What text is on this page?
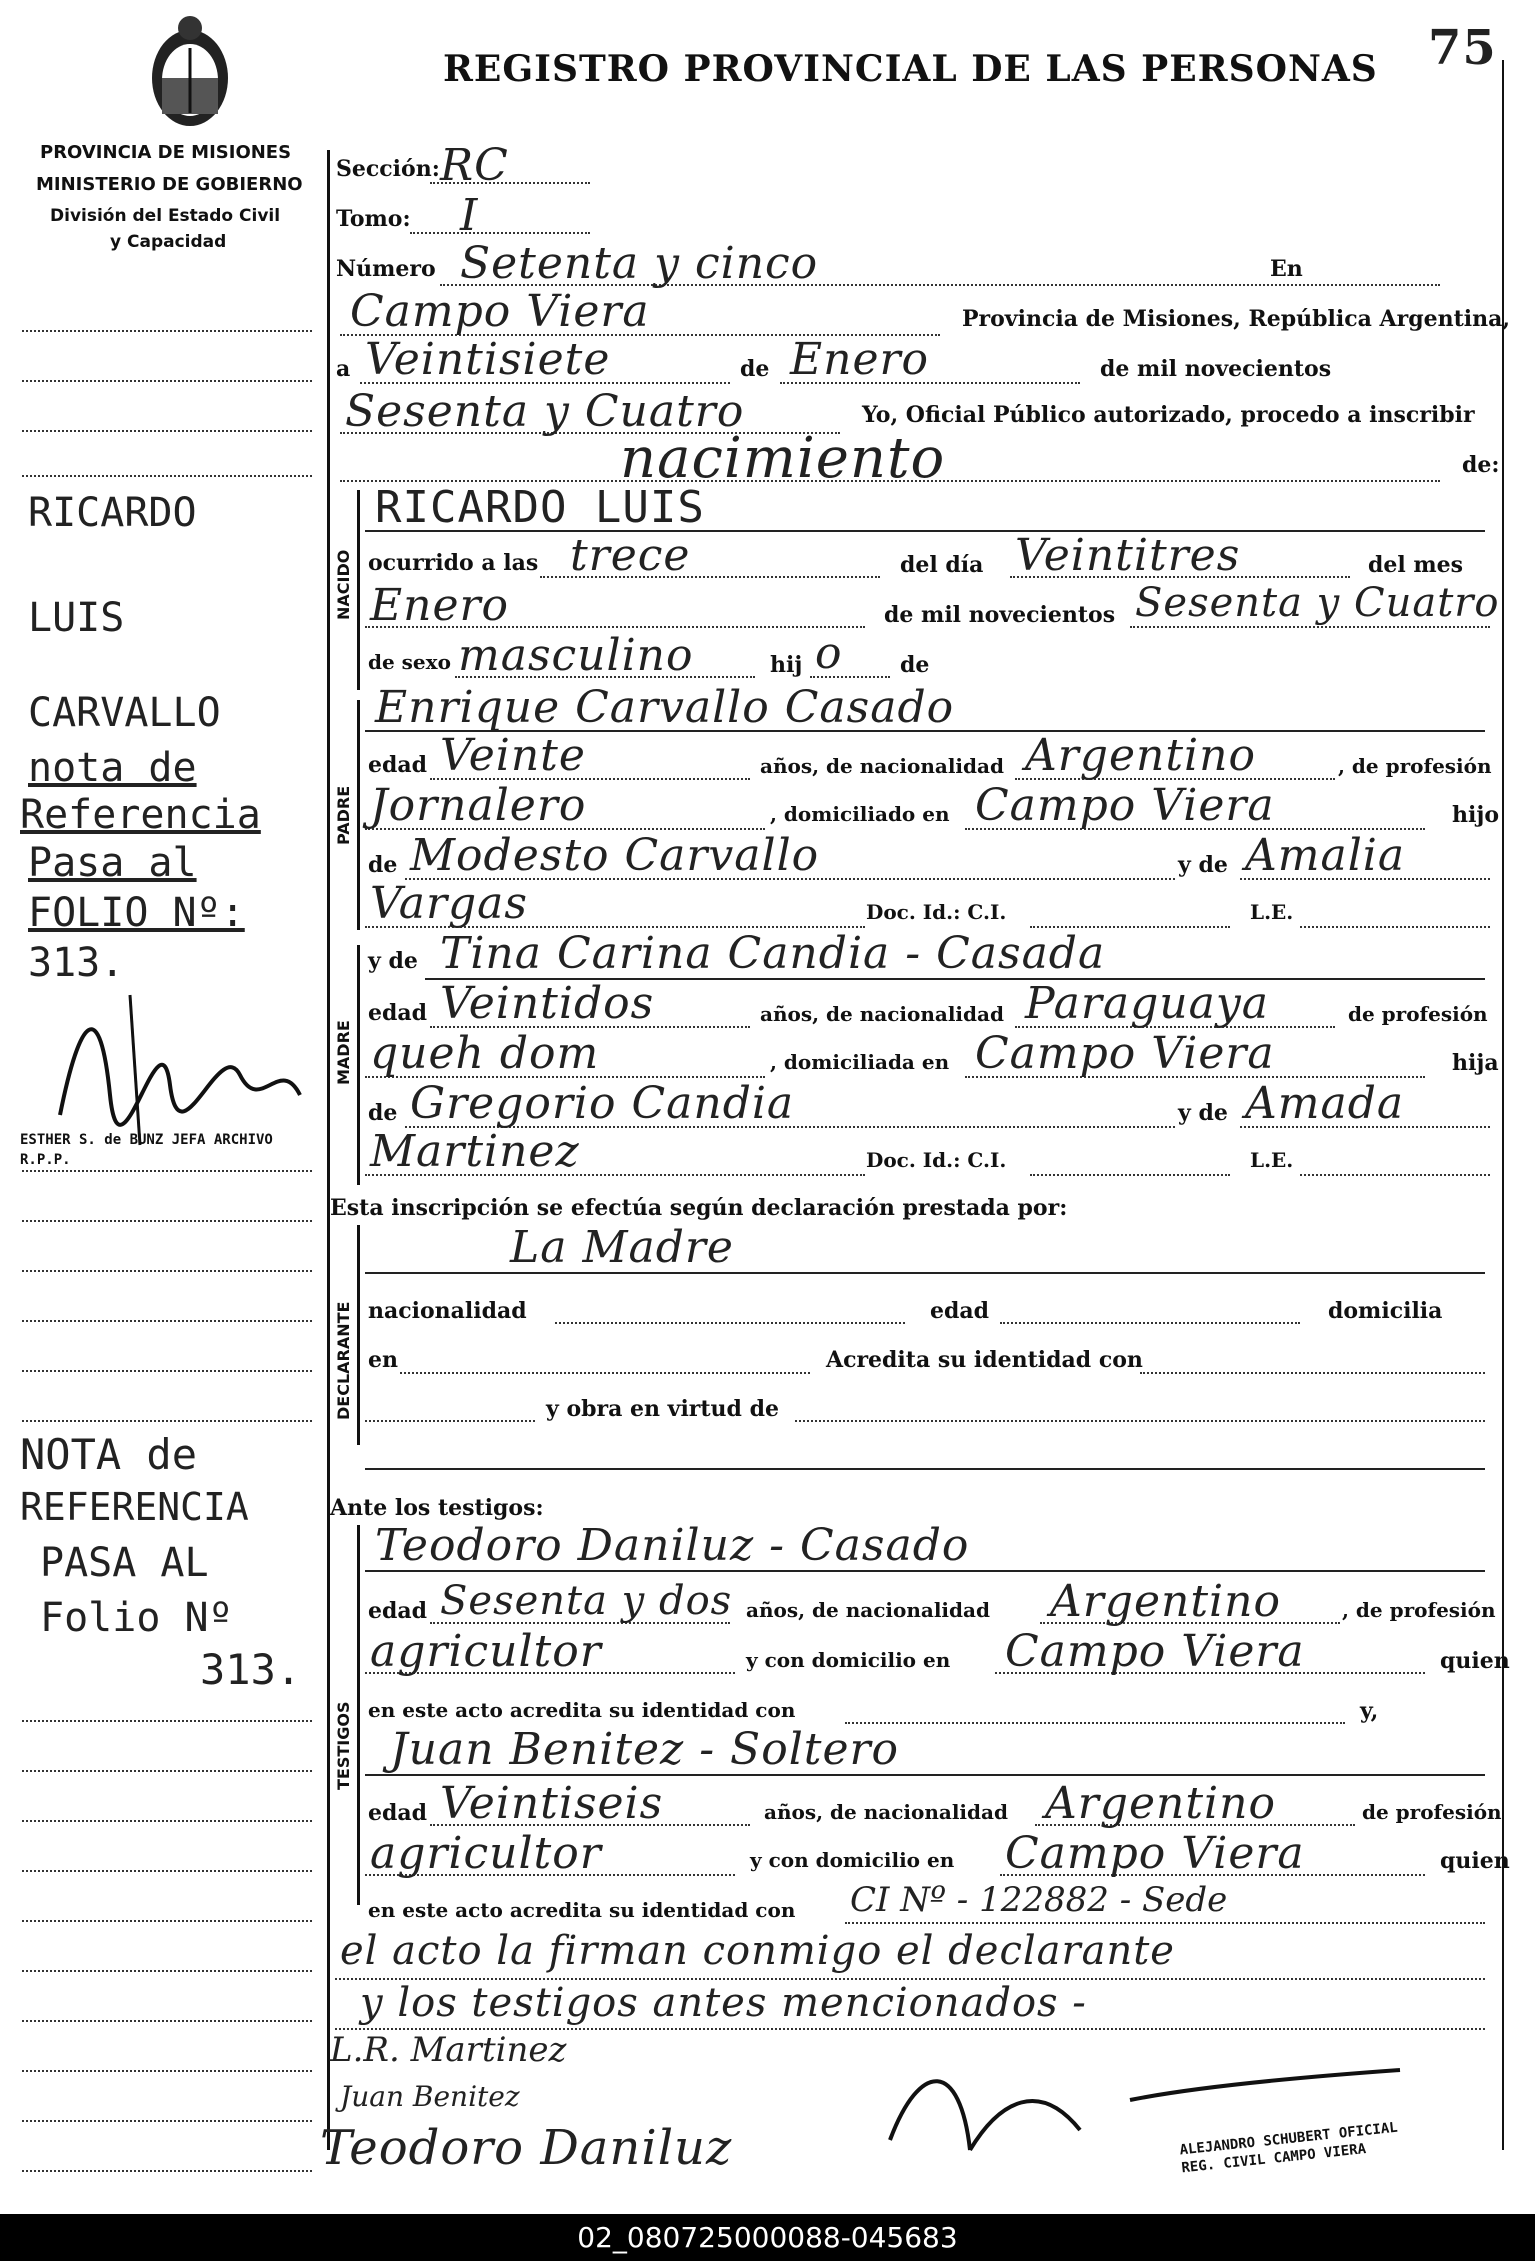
REGISTRO PROVINCIAL DE LAS PERSONAS 75
PROVINCIA DE MISIONES
MINISTERIO DE GOBIERNO
División del Estado Civil
y Capacidad
RICARDO
LUIS
CARVALLO
nota de
Referencia
Pasa al
FOLIO Nº:
313.
ESTHER S. de BUNZ JEFA ARCHIVO R.P.P.
NOTA de
REFERENCIA
PASA AL
Folio Nº
313.
Sección: RC
Tomo: I
Número Setenta y cinco	En
Campo Viera	Provincia de Misiones, República Argentina,
a Veintisiete	de Enero	de mil novecientos
Sesenta y Cuatro	Yo, Oficial Público autorizado, procedo a inscribir
nacimiento	de:
NACIDO
RICARDO LUIS
ocurrido a las trece	del día Veintitres	del mes
Enero	de mil novecientos Sesenta y Cuatro
de sexo masculino	hij o	de
PADRE
Enrique Carvallo Casado
edad Veinte	años, de nacionalidad Argentino	, de profesión
Jornalero	, domiciliado en Campo Viera	hijo
de Modesto Carvallo	y de Amalia
Vargas	Doc. Id.: C.I.	L.E.
MADRE
y de Tina Carina Candia - Casada
edad Veintidos	años, de nacionalidad Paraguaya	de profesión
queh dom	, domiciliada en Campo Viera	hija
de Gregorio Candia	y de Amada
Martinez	Doc. Id.: C.I.	L.E.
Esta inscripción se efectúa según declaración prestada por:
DECLARANTE
La Madre
nacionalidad	edad	domicilia
en	Acredita su identidad con
y obra en virtud de
Ante los testigos:
TESTIGOS
Teodoro Daniluz - Casado
edad Sesenta y dos años, de nacionalidad Argentino	, de profesión
agricultor	y con domicilio en Campo Viera	quien
en este acto acredita su identidad con	y,
Juan Benitez - Soltero
edad Veintiseis	años, de nacionalidad Argentino	de profesión
agricultor	y con domicilio en Campo Viera	quien
en este acto acredita su identidad con CI Nº - 122882 - Sede
el acto la firman conmigo el declarante
y los testigos antes mencionados -
L.R. Martinez
Juan Benitez
Teodoro Daniluz	ALEJANDRO SCHUBERT OFICIAL REG. CIVIL CAMPO VIERA
02_080725000088-045683
